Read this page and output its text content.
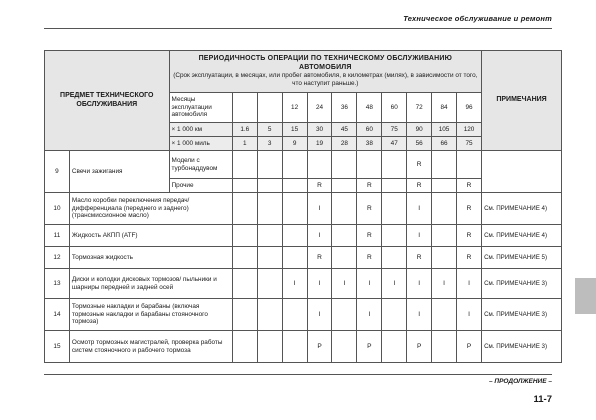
Техническое обслуживание и ремонт
ПРЕДМЕТ ТЕХНИЧЕСКОГО ОБСЛУЖИВАНИЯ		ПЕРИОДИЧНОСТЬ ОПЕРАЦИИ ПО ТЕХНИЧЕСКОМУ ОБСЛУЖИВАНИЮ
АВТОМОБИЛЯ
(Срок эксплуатации, в месяцах, или пробег автомобиля, в километрах (милях), в зависимости от того, что наступит раньше.)											ПРИМЕЧАНИЯ
		Месяцы эксплуатации автомобиля			12	24	36	48	60	72	84	96	
		× 1 000 км	1.6	5	15	30	45	60	75	90	105	120	
		× 1 000 миль	1	3	9	19	28	38	47	56	66	75	
9	Свечи зажигания	Модели с турбонаддувом								R			
		Прочие				R		R		R		R	
10	Масло коробки переключения передач/ дифференциала (переднего и заднего) (трансмиссионное масло)					I		R		I		R	См. ПРИМЕЧАНИЕ 4)
11	Жидкость АКПП (ATF)					I		R		I		R	См. ПРИМЕЧАНИЕ 4)
12	Тормозная жидкость					R		R		R		R	См. ПРИМЕЧАНИЕ 5)
13	Диски и колодки дисковых тормозов/ пыльники и шарниры передней и задней осей				I	I	I	I	I	I	I	I	См. ПРИМЕЧАНИЕ 3)
14	Тормозные накладки и барабаны (включая тормозные накладки и барабаны стояночного тормоза)					I		I		I		I	См. ПРИМЕЧАНИЕ 3)
15	Осмотр тормозных магистралей, проверка работы систем стояночного и рабочего тормоза					P		P		P		P	См. ПРИМЕЧАНИЕ 3)
– ПРОДОЛЖЕНИЕ –
11-7
